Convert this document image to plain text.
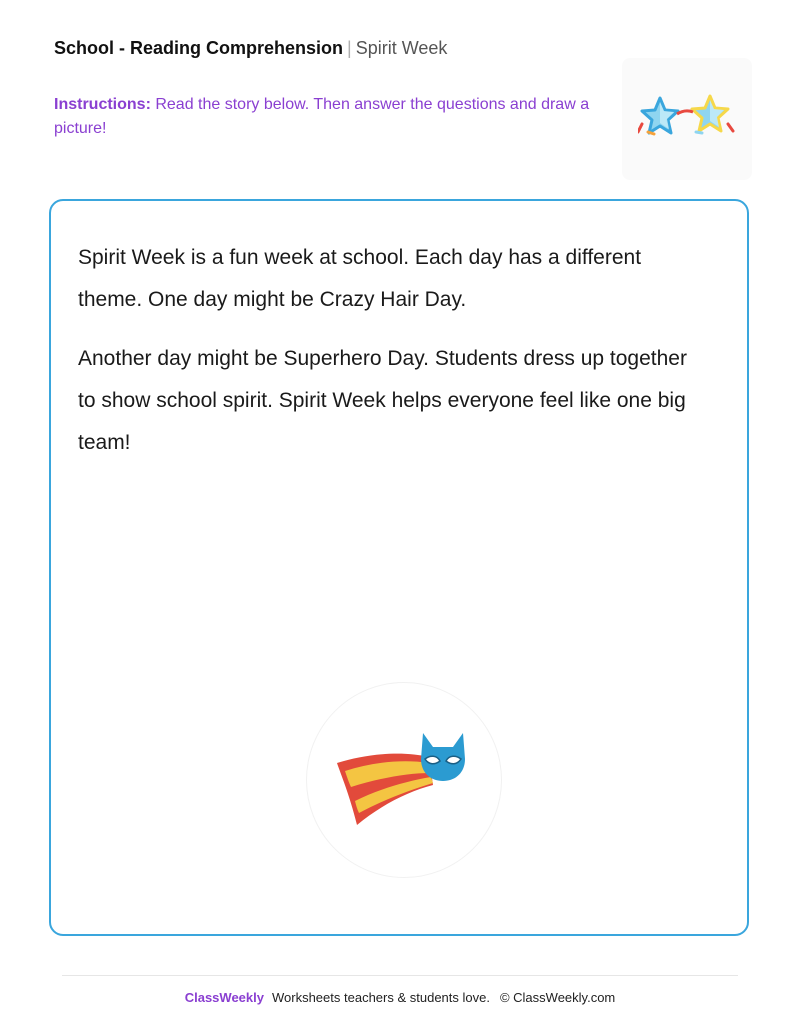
School - Reading Comprehension | Spirit Week
Instructions: Read the story below. Then answer the questions and draw a picture!

Spirit Week is a fun week at school. Each day has a different theme. One day might be Crazy Hair Day.

Another day might be Superhero Day. Students dress up together to show school spirit. Spirit Week helps everyone feel like one big team!

ClassWeekly Worksheets teachers & students love. © ClassWeekly.com
